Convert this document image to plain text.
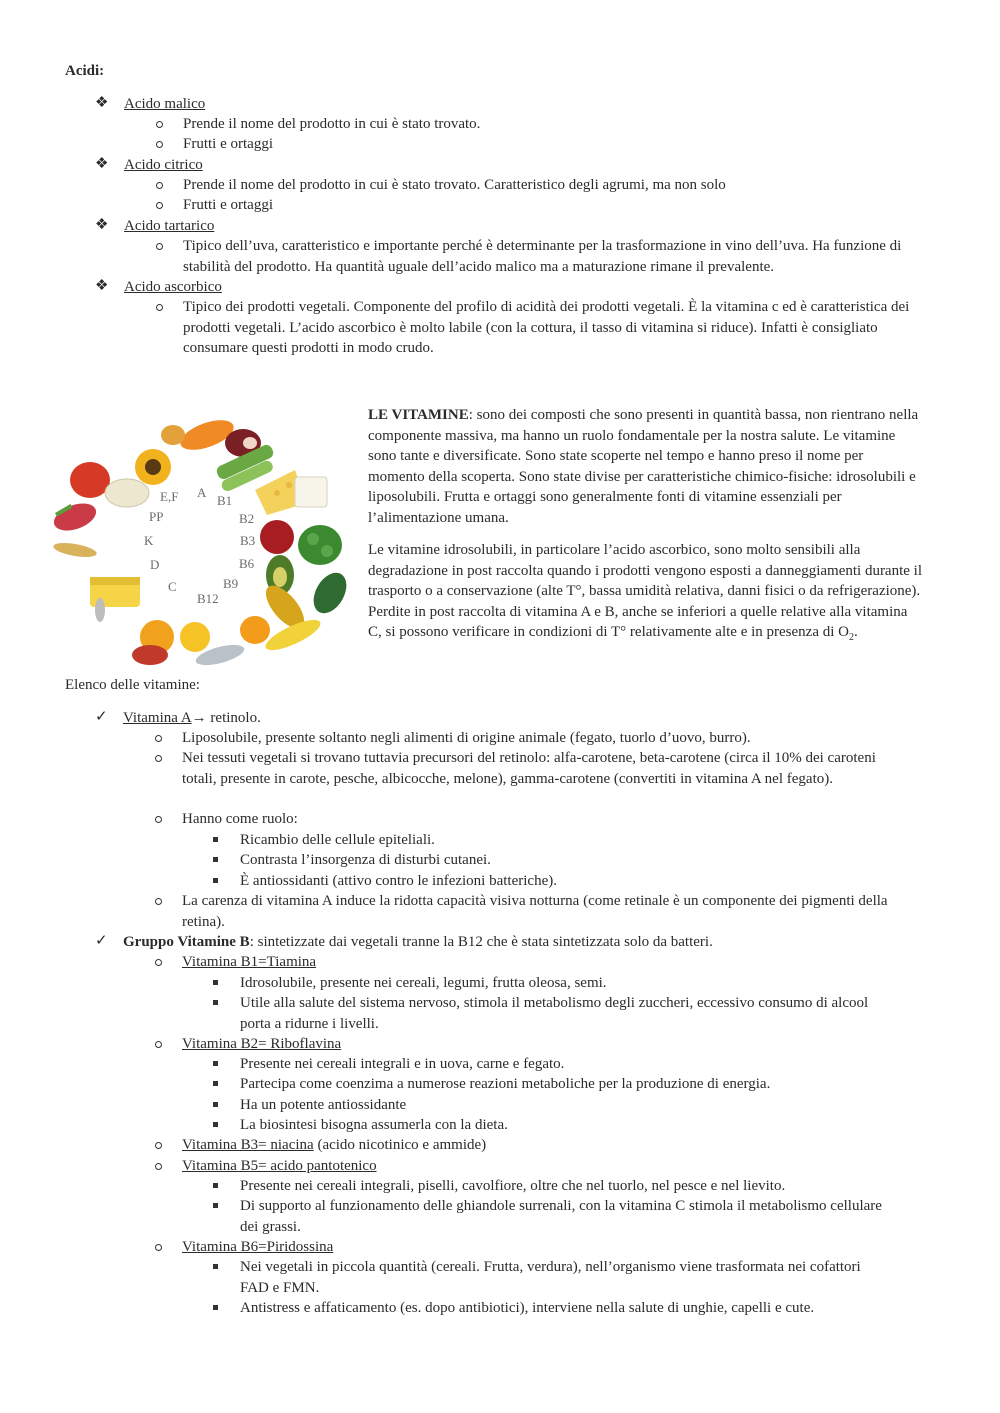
Acidi:
❖ Acido malico
Prende il nome del prodotto in cui è stato trovato.
Frutti e ortaggi
❖ Acido citrico
Prende il nome del prodotto in cui è stato trovato. Caratteristico degli agrumi, ma non solo
Frutti e ortaggi
❖ Acido tartarico
Tipico dell’uva, caratteristico e importante perché è determinante per la trasformazione in vino dell’uva. Ha funzione di stabilità del prodotto. Ha quantità uguale dell’acido malico ma a maturazione rimane il prevalente.
❖ Acido ascorbico
Tipico dei prodotti vegetali. Componente del profilo di acidità dei prodotti vegetali. È la vitamina c ed è caratteristica dei prodotti vegetali. L’acido ascorbico è molto labile (con la cottura, il tasso di vitamina si riduce). Infatti è consigliato consumare questi prodotti in modo crudo.
A
B1
B2
B3
B6
B9
B12
C
D
K
PP
E,F
LE VITAMINE: sono dei composti che sono presenti in quantità bassa, non rientrano nella componente massiva, ma hanno un ruolo fondamentale per la nostra salute. Le vitamine sono tante e diversificate. Sono state scoperte nel tempo e hanno preso il nome per momento della scoperta. Sono state divise per caratteristiche chimico-fisiche: idrosolubili e liposolubili. Frutta e ortaggi sono generalmente fonti di vitamine essenziali per l’alimentazione umana.
Le vitamine idrosolubili, in particolare l’acido ascorbico, sono molto sensibili alla degradazione in post raccolta quando i prodotti vengono esposti a danneggiamenti durante il trasporto o a conservazione (alte T°, bassa umidità relativa, danni fisici o da refrigerazione). Perdite in post raccolta di vitamina A e B, anche se inferiori a quelle relative alla vitamina C, si possono verificare in condizioni di T° relativamente alte e in presenza di $O_2$.
Elenco delle vitamine:
✓ Vitamina A→ retinolo.
Liposolubile, presente soltanto negli alimenti di origine animale (fegato, tuorlo d’uovo, burro).
Nei tessuti vegetali si trovano tuttavia precursori del retinolo: alfa-carotene, beta-carotene (circa il 10% dei caroteni totali, presente in carote, pesche, albicocche, melone), gamma-carotene (convertiti in vitamina A nel fegato).
Hanno come ruolo:
Ricambio delle cellule epiteliali.
Contrasta l’insorgenza di disturbi cutanei.
È antiossidanti (attivo contro le infezioni batteriche).
La carenza di vitamina A induce la ridotta capacità visiva notturna (come retinale è un componente dei pigmenti della retina).
✓ Gruppo Vitamine B: sintetizzate dai vegetali tranne la B12 che è stata sintetizzata solo da batteri.
Vitamina B1=Tiamina
Idrosolubile, presente nei cereali, legumi, frutta oleosa, semi.
Utile alla salute del sistema nervoso, stimola il metabolismo degli zuccheri, eccessivo consumo di alcool porta a ridurne i livelli.
Vitamina B2= Riboflavina
Presente nei cereali integrali e in uova, carne e fegato.
Partecipa come coenzima a numerose reazioni metaboliche per la produzione di energia.
Ha un potente antiossidante
La biosintesi bisogna assumerla con la dieta.
Vitamina B3= niacina (acido nicotinico e ammide)
Vitamina B5= acido pantotenico
Presente nei cereali integrali, piselli, cavolfiore, oltre che nel tuorlo, nel pesce e nel lievito.
Di supporto al funzionamento delle ghiandole surrenali, con la vitamina C stimola il metabolismo cellulare dei grassi.
Vitamina B6=Piridossina
Nei vegetali in piccola quantità (cereali. Frutta, verdura), nell’organismo viene trasformata nei cofattori FAD e FMN.
Antistress e affaticamento (es. dopo antibiotici), interviene nella salute di unghie, capelli e cute.
